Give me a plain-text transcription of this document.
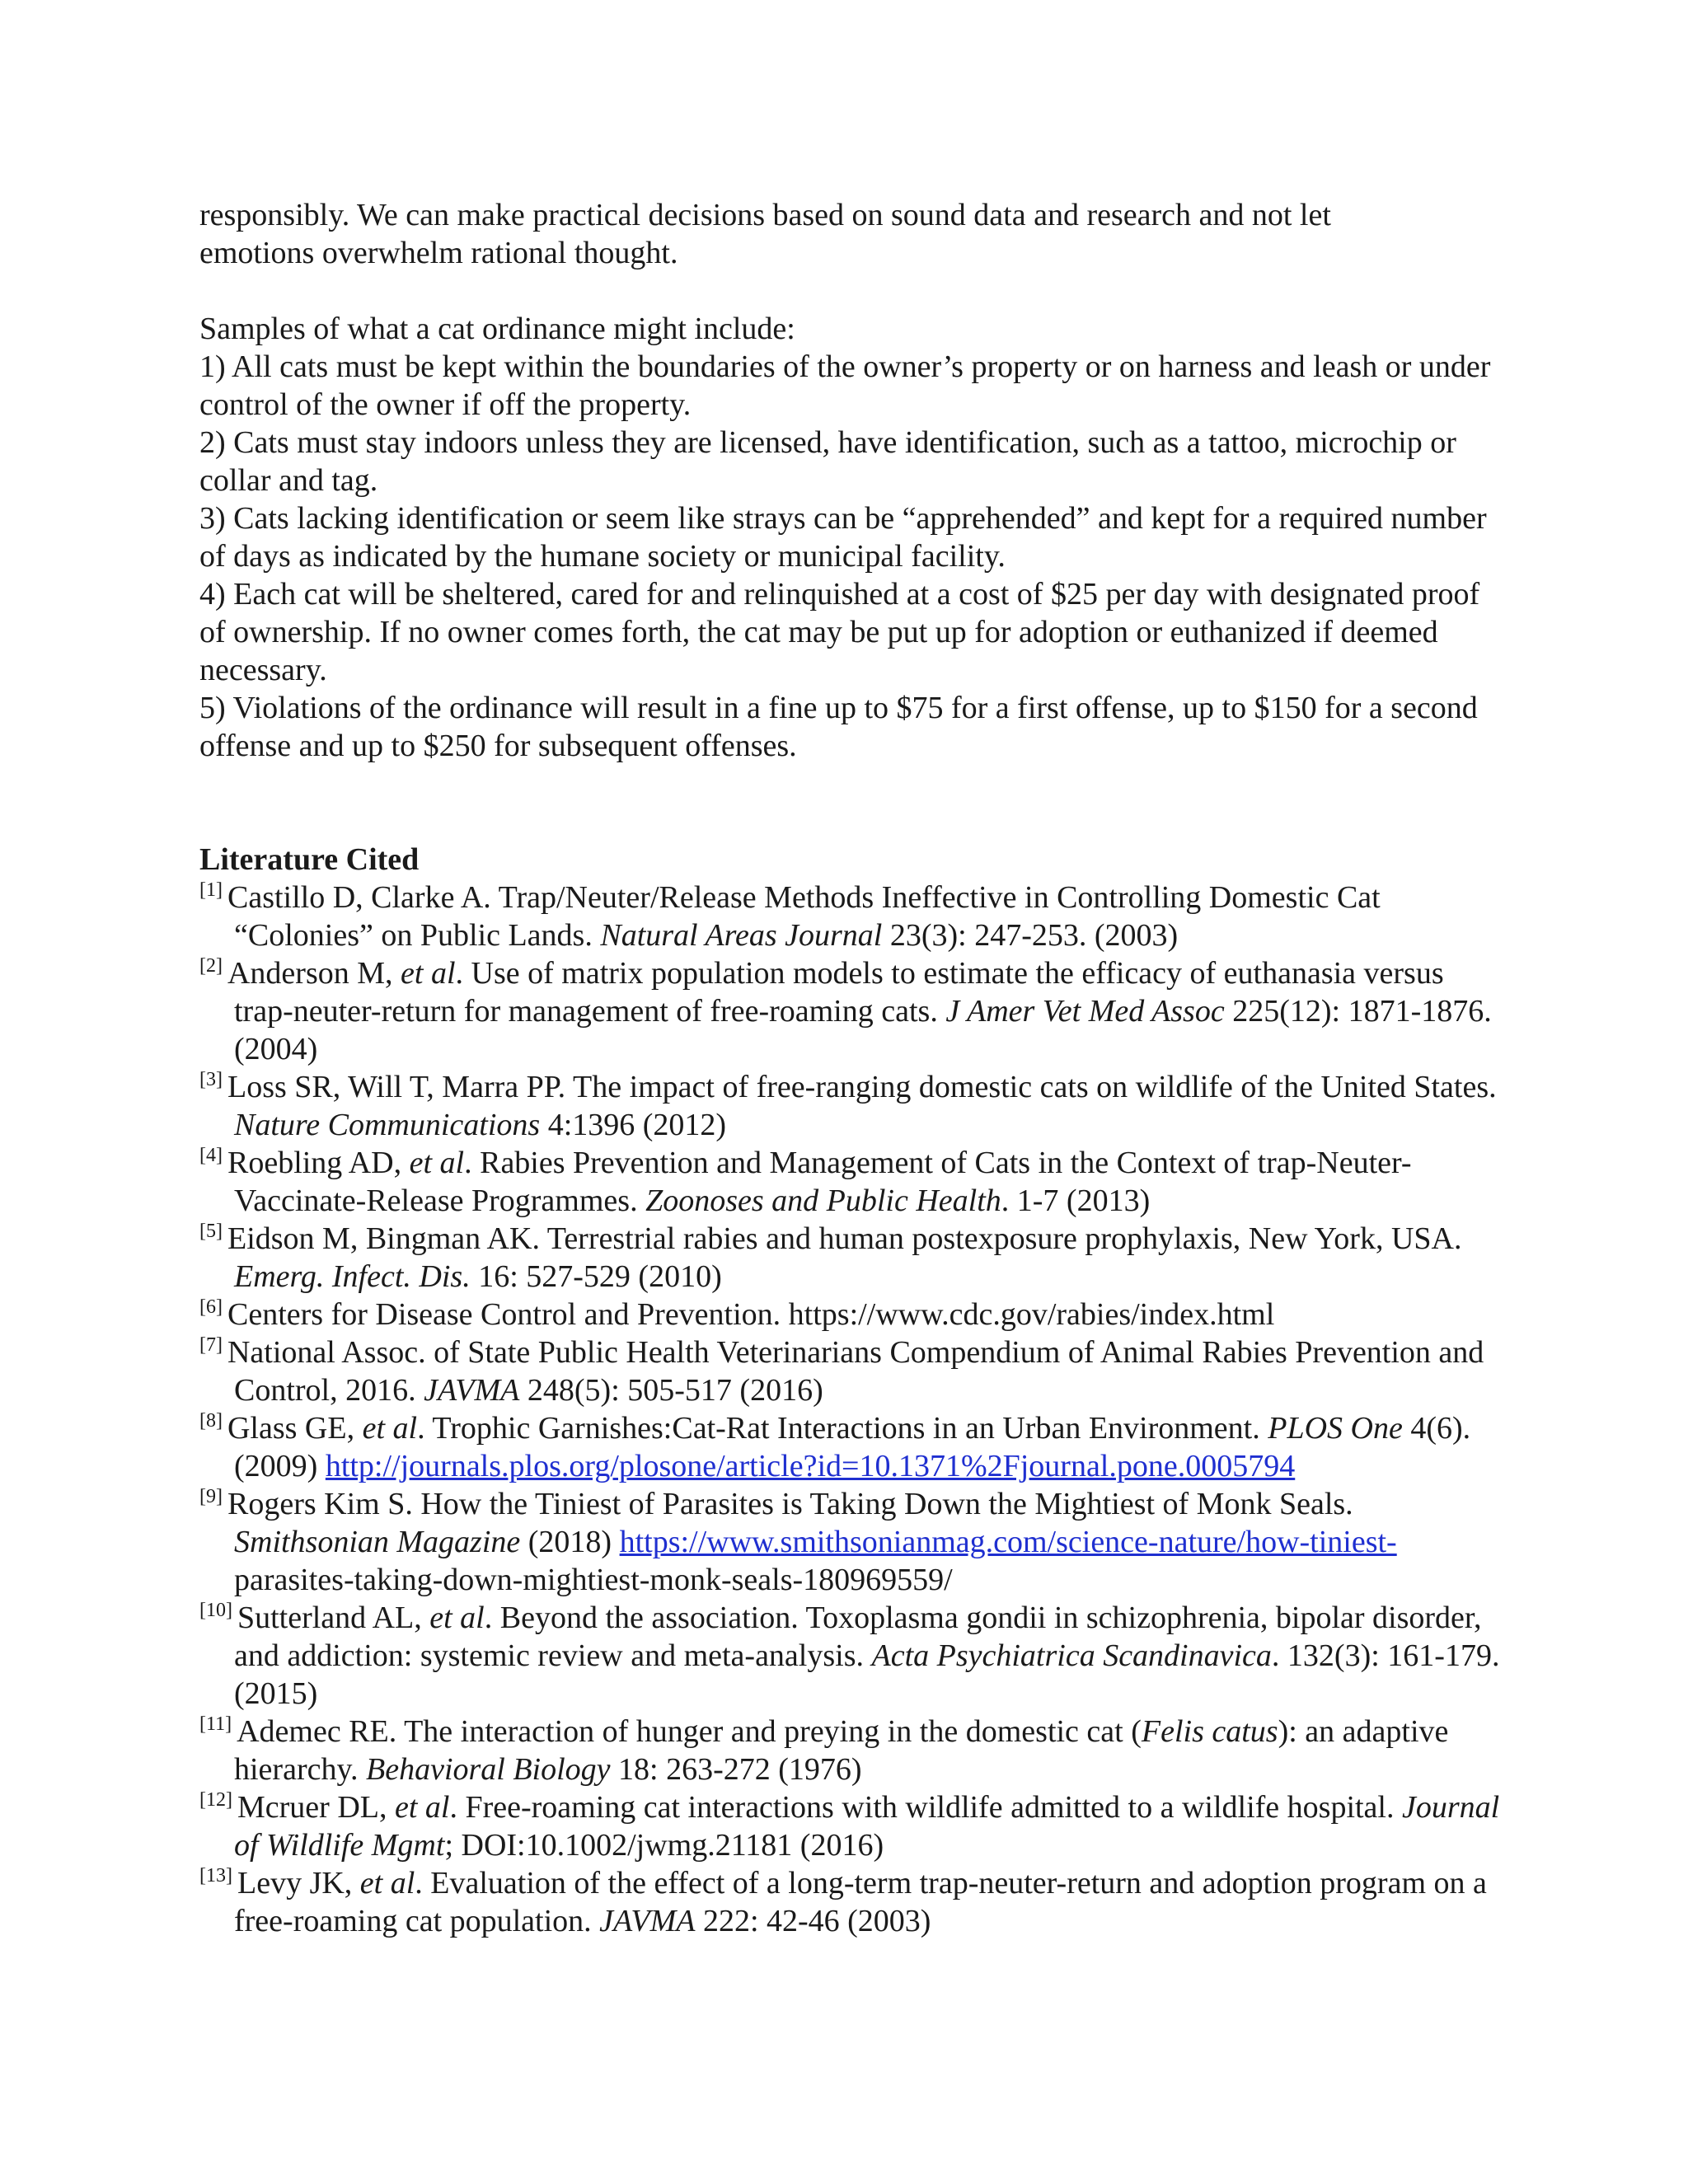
responsibly. We can make practical decisions based on sound data and research and not let

emotions overwhelm rational thought.

Samples of what a cat ordinance might include:

1) All cats must be kept within the boundaries of the owner’s property or on harness and leash or under control of the owner if off the property.

2) Cats must stay indoors unless they are licensed, have identification, such as a tattoo, microchip or collar and tag.

3) Cats lacking identification or seem like strays can be “apprehended” and kept for a required number of days as indicated by the humane society or municipal facility.

4) Each cat will be sheltered, cared for and relinquished at a cost of $25 per day with designated proof of ownership. If no owner comes forth, the cat may be put up for adoption or euthanized if deemed necessary.

5) Violations of the ordinance will result in a fine up to $75 for a first offense, up to $150 for a second offense and up to $250 for subsequent offenses.

Literature Cited

[1] Castillo D, Clarke A. Trap/Neuter/Release Methods Ineffective in Controlling Domestic Cat “Colonies” on Public Lands. Natural Areas Journal 23(3): 247-253. (2003)

[2] Anderson M, et al. Use of matrix population models to estimate the efficacy of euthanasia versus trap-neuter-return for management of free-roaming cats. J Amer Vet Med Assoc 225(12): 1871-1876. (2004)

[3] Loss SR, Will T, Marra PP. The impact of free-ranging domestic cats on wildlife of the United States. Nature Communications 4:1396 (2012)

[4] Roebling AD, et al. Rabies Prevention and Management of Cats in the Context of trap-Neuter-Vaccinate-Release Programmes. Zoonoses and Public Health. 1-7 (2013)

[5] Eidson M, Bingman AK. Terrestrial rabies and human postexposure prophylaxis, New York, USA. Emerg. Infect. Dis. 16: 527-529 (2010)

[6] Centers for Disease Control and Prevention. https://www.cdc.gov/rabies/index.html

[7] National Assoc. of State Public Health Veterinarians Compendium of Animal Rabies Prevention and Control, 2016. JAVMA 248(5): 505-517 (2016)

[8] Glass GE, et al. Trophic Garnishes:Cat-Rat Interactions in an Urban Environment. PLOS One 4(6). (2009) http://journals.plos.org/plosone/article?id=10.1371%2Fjournal.pone.0005794

[9] Rogers Kim S. How the Tiniest of Parasites is Taking Down the Mightiest of Monk Seals. Smithsonian Magazine (2018) https://www.smithsonianmag.com/science-nature/how-tiniest-parasites-taking-down-mightiest-monk-seals-180969559/

[10] Sutterland AL, et al. Beyond the association. Toxoplasma gondii in schizophrenia, bipolar disorder, and addiction: systemic review and meta-analysis. Acta Psychiatrica Scandinavica. 132(3): 161-179. (2015)

[11] Ademec RE. The interaction of hunger and preying in the domestic cat (Felis catus): an adaptive hierarchy. Behavioral Biology 18: 263-272 (1976)

[12] Mcruer DL, et al. Free-roaming cat interactions with wildlife admitted to a wildlife hospital. Journal of Wildlife Mgmt; DOI:10.1002/jwmg.21181 (2016)

[13] Levy JK, et al. Evaluation of the effect of a long-term trap-neuter-return and adoption program on a free-roaming cat population. JAVMA 222: 42-46 (2003)
